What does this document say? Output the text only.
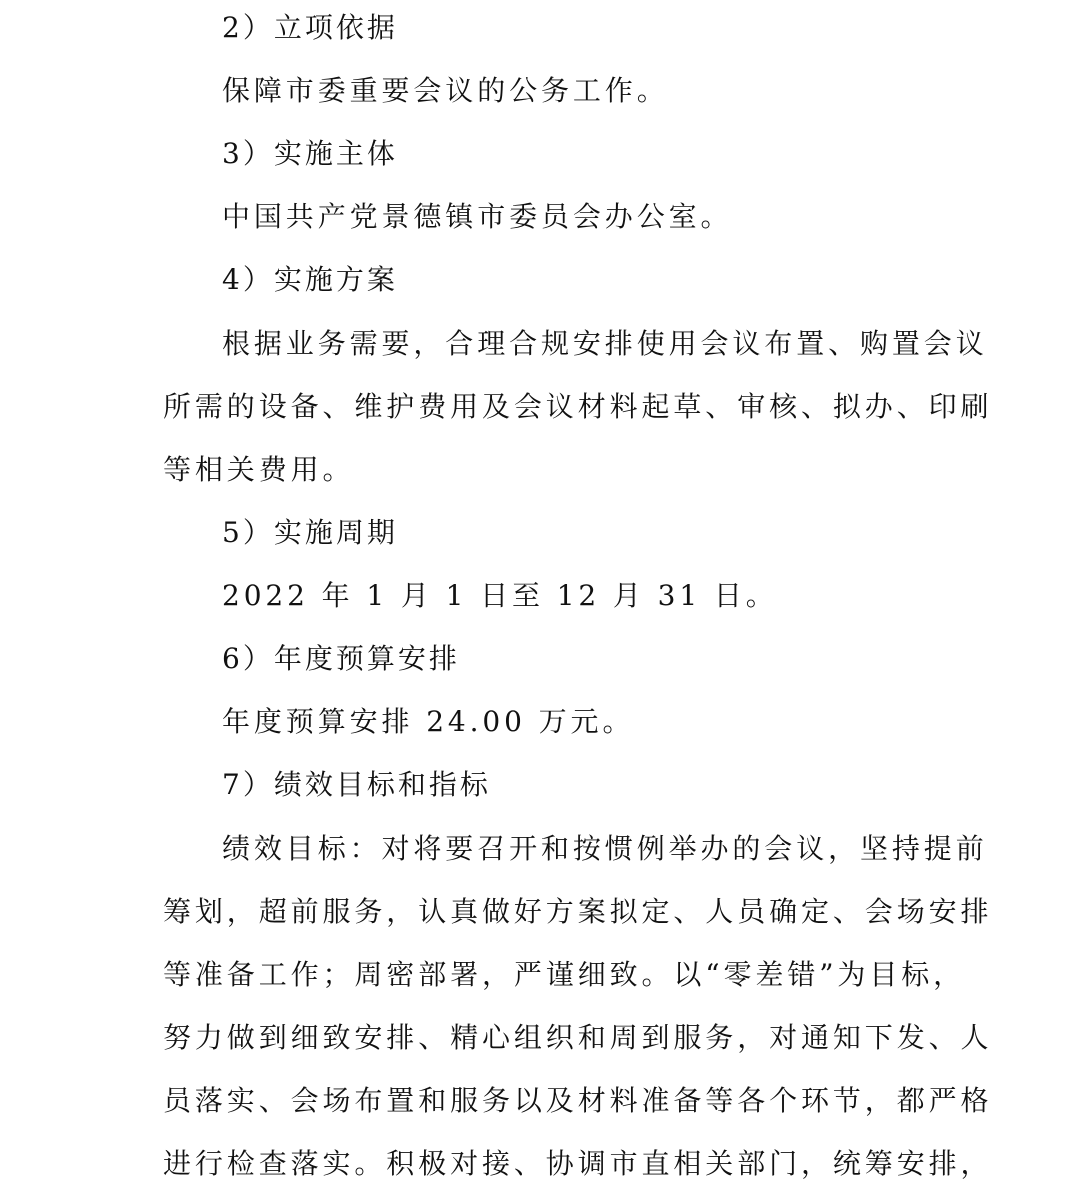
2）立项依据
保障市委重要会议的公务工作。
3）实施主体
中国共产党景德镇市委员会办公室。
4）实施方案
根据业务需要，合理合规安排使用会议布置、购置会议
所需的设备、维护费用及会议材料起草、审核、拟办、印刷
等相关费用。
5）实施周期
2022 年 1 月 1 日至 12 月 31 日。
6）年度预算安排
年度预算安排 24.00 万元。
7）绩效目标和指标
绩效目标：对将要召开和按惯例举办的会议，坚持提前
筹划，超前服务，认真做好方案拟定、人员确定、会场安排
等准备工作；周密部署，严谨细致。以“零差错”为目标，
努力做到细致安排、精心组织和周到服务，对通知下发、人
员落实、会场布置和服务以及材料准备等各个环节，都严格
进行检查落实。积极对接、协调市直相关部门，统筹安排，
